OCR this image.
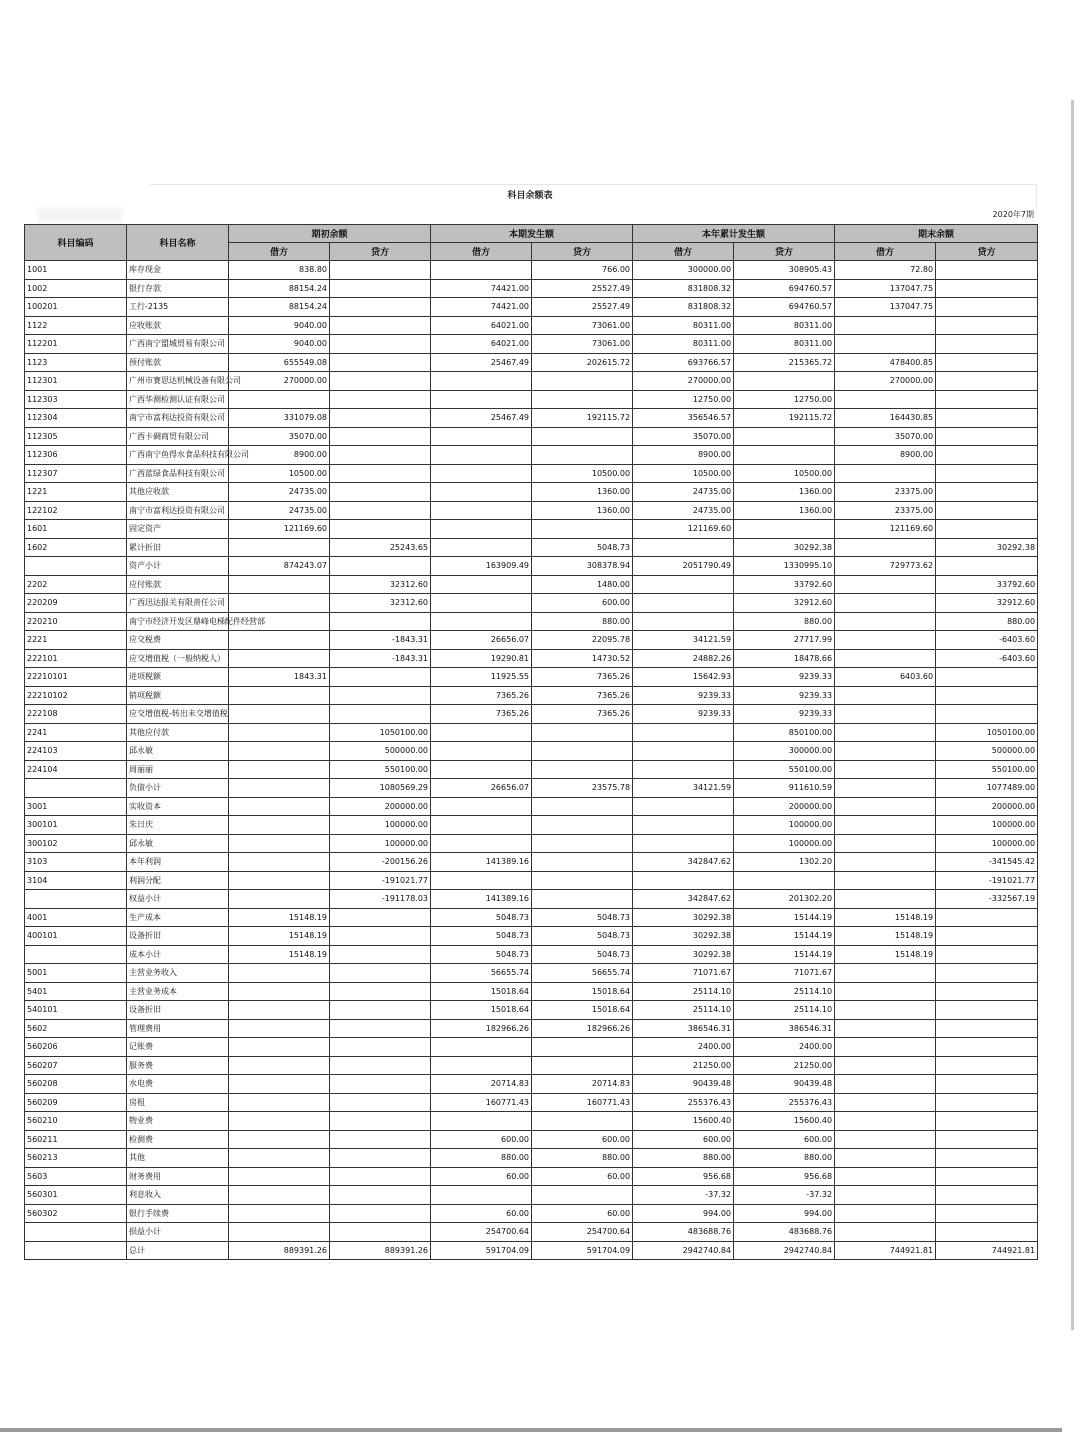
科目余额表
2020年7期
科目编码	科目名称	期初余额		本期发生额		本年累计发生额		期末余额	
		借方	贷方	借方	贷方	借方	贷方	借方	贷方
1001	库存现金	838.80			766.00	300000.00	308905.43	72.80	
1002	银行存款	88154.24		74421.00	25527.49	831808.32	694760.57	137047.75	
100201	工行-2135	88154.24		74421.00	25527.49	831808.32	694760.57	137047.75	
1122	应收账款	9040.00		64021.00	73061.00	80311.00	80311.00		
112201	广西南宁盟城贸易有限公司	9040.00		64021.00	73061.00	80311.00	80311.00		
1123	预付账款	655549.08		25467.49	202615.72	693766.57	215365.72	478400.85	
112301	广州市赛思达机械设备有限公司	270000.00				270000.00		270000.00	
112303	广西华测检测认证有限公司					12750.00	12750.00		
112304	南宁市富利达投资有限公司	331079.08		25467.49	192115.72	356546.57	192115.72	164430.85	
112305	广西卡碉商贸有限公司	35070.00				35070.00		35070.00	
112306	广西南宁鱼得水食品科技有限公司	8900.00				8900.00		8900.00	
112307	广西蓝绿食品科技有限公司	10500.00			10500.00	10500.00	10500.00		
1221	其他应收款	24735.00			1360.00	24735.00	1360.00	23375.00	
122102	南宁市富利达投资有限公司	24735.00			1360.00	24735.00	1360.00	23375.00	
1601	固定资产	121169.60				121169.60		121169.60	
1602	累计折旧		25243.65		5048.73		30292.38		30292.38
	资产小计	874243.07		163909.49	308378.94	2051790.49	1330995.10	729773.62	
2202	应付账款		32312.60		1480.00		33792.60		33792.60
220209	广西迅达报关有限责任公司		32312.60		600.00		32912.60		32912.60
220210	南宁市经济开发区鼎峰电梯配件经营部				880.00		880.00		880.00
2221	应交税费		-1843.31	26656.07	22095.78	34121.59	27717.99		-6403.60
222101	应交增值税（一般纳税人）		-1843.31	19290.81	14730.52	24882.26	18478.66		-6403.60
22210101	进项税额	1843.31		11925.55	7365.26	15642.93	9239.33	6403.60	
22210102	销项税额			7365.26	7365.26	9239.33	9239.33		
222108	应交增值税-转出未交增值税			7365.26	7365.26	9239.33	9239.33		
2241	其他应付款		1050100.00				850100.00		1050100.00
224103	邱永敏		500000.00				300000.00		500000.00
224104	周丽丽		550100.00				550100.00		550100.00
	负债小计		1080569.29	26656.07	23575.78	34121.59	911610.59		1077489.00
3001	实收资本		200000.00				200000.00		200000.00
300101	朱日庆		100000.00				100000.00		100000.00
300102	邱永敏		100000.00				100000.00		100000.00
3103	本年利润		-200156.26	141389.16		342847.62	1302.20		-341545.42
3104	利润分配		-191021.77						-191021.77
	权益小计		-191178.03	141389.16		342847.62	201302.20		-332567.19
4001	生产成本	15148.19		5048.73	5048.73	30292.38	15144.19	15148.19	
400101	设备折旧	15148.19		5048.73	5048.73	30292.38	15144.19	15148.19	
	成本小计	15148.19		5048.73	5048.73	30292.38	15144.19	15148.19	
5001	主营业务收入			56655.74	56655.74	71071.67	71071.67		
5401	主营业务成本			15018.64	15018.64	25114.10	25114.10		
540101	设备折旧			15018.64	15018.64	25114.10	25114.10		
5602	管理费用			182966.26	182966.26	386546.31	386546.31		
560206	记账费					2400.00	2400.00		
560207	服务费					21250.00	21250.00		
560208	水电费			20714.83	20714.83	90439.48	90439.48		
560209	房租			160771.43	160771.43	255376.43	255376.43		
560210	物业费					15600.40	15600.40		
560211	检测费			600.00	600.00	600.00	600.00		
560213	其他			880.00	880.00	880.00	880.00		
5603	财务费用			60.00	60.00	956.68	956.68		
560301	利息收入					-37.32	-37.32		
560302	银行手续费			60.00	60.00	994.00	994.00		
	损益小计			254700.64	254700.64	483688.76	483688.76		
	总计	889391.26	889391.26	591704.09	591704.09	2942740.84	2942740.84	744921.81	744921.81
